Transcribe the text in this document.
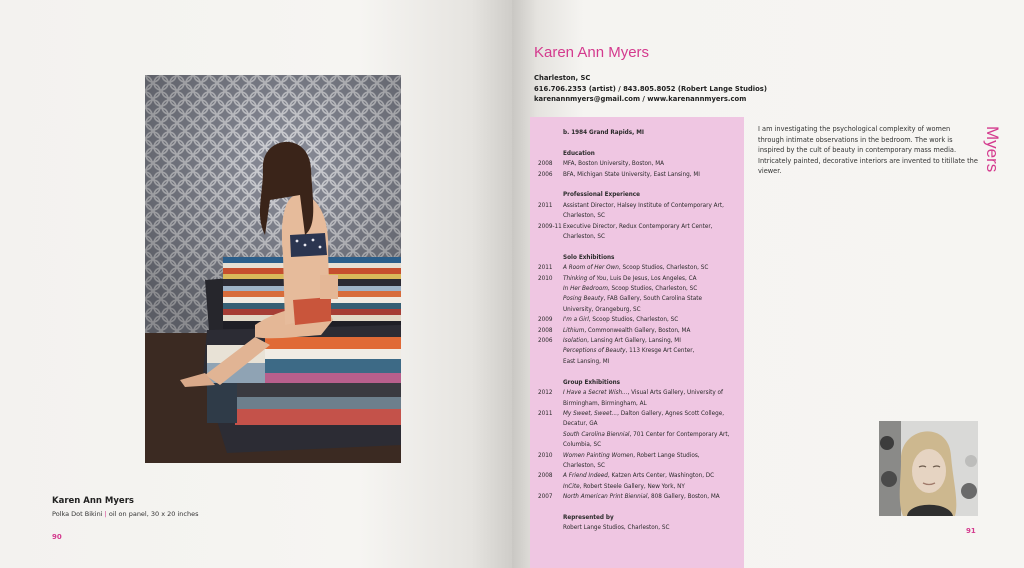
Karen Ann Myers
Polka Dot Bikini | oil on panel, 30 x 20 inches
90
Karen Ann Myers
Charleston, SC
616.706.2353 (artist) / 843.805.8052 (Robert Lange Studios)
karenannmyers@gmail.com / www.karenannmyers.com
b. 1984 Grand Rapids, MI
Education
2008	MFA, Boston University, Boston, MA
2006	BFA, Michigan State University, East Lansing, MI
Professional Experience
2011	Assistant Director, Halsey Institute of Contemporary Art,
Charleston, SC
2009-11 Executive Director, Redux Contemporary Art Center,
Charleston, SC
Solo Exhibitions
2011	A Room of Her Own, Scoop Studios, Charleston, SC
2010	Thinking of You, Luis De Jesus, Los Angeles, CA
In Her Bedroom, Scoop Studios, Charleston, SC
Posing Beauty, FAB Gallery, South Carolina State
University, Orangeburg, SC
2009	I'm a Girl, Scoop Studios, Charleston, SC
2008	Lithium, Commonwealth Gallery, Boston, MA
2006	Isolation, Lansing Art Gallery, Lansing, MI
Perceptions of Beauty, 113 Kresge Art Center,
East Lansing, MI
Group Exhibitions
2012	I Have a Secret Wish..., Visual Arts Gallery, University of
Birmingham, Birmingham, AL
2011	My Sweet, Sweet..., Dalton Gallery, Agnes Scott College,
Decatur, GA
South Carolina Biennial, 701 Center for Contemporary Art,
Columbia, SC
2010	Women Painting Women, Robert Lange Studios,
Charleston, SC
2008	A Friend Indeed, Katzen Arts Center, Washington, DC
InCite, Robert Steele Gallery, New York, NY
2007	North American Print Biennial, 808 Gallery, Boston, MA
Represented by
Robert Lange Studios, Charleston, SC
I am investigating the psychological complexity of women through intimate observations in the bedroom. The work is inspired by the cult of beauty in contemporary mass media. Intricately painted, decorative interiors are invented to titillate the viewer.	Myers
91
